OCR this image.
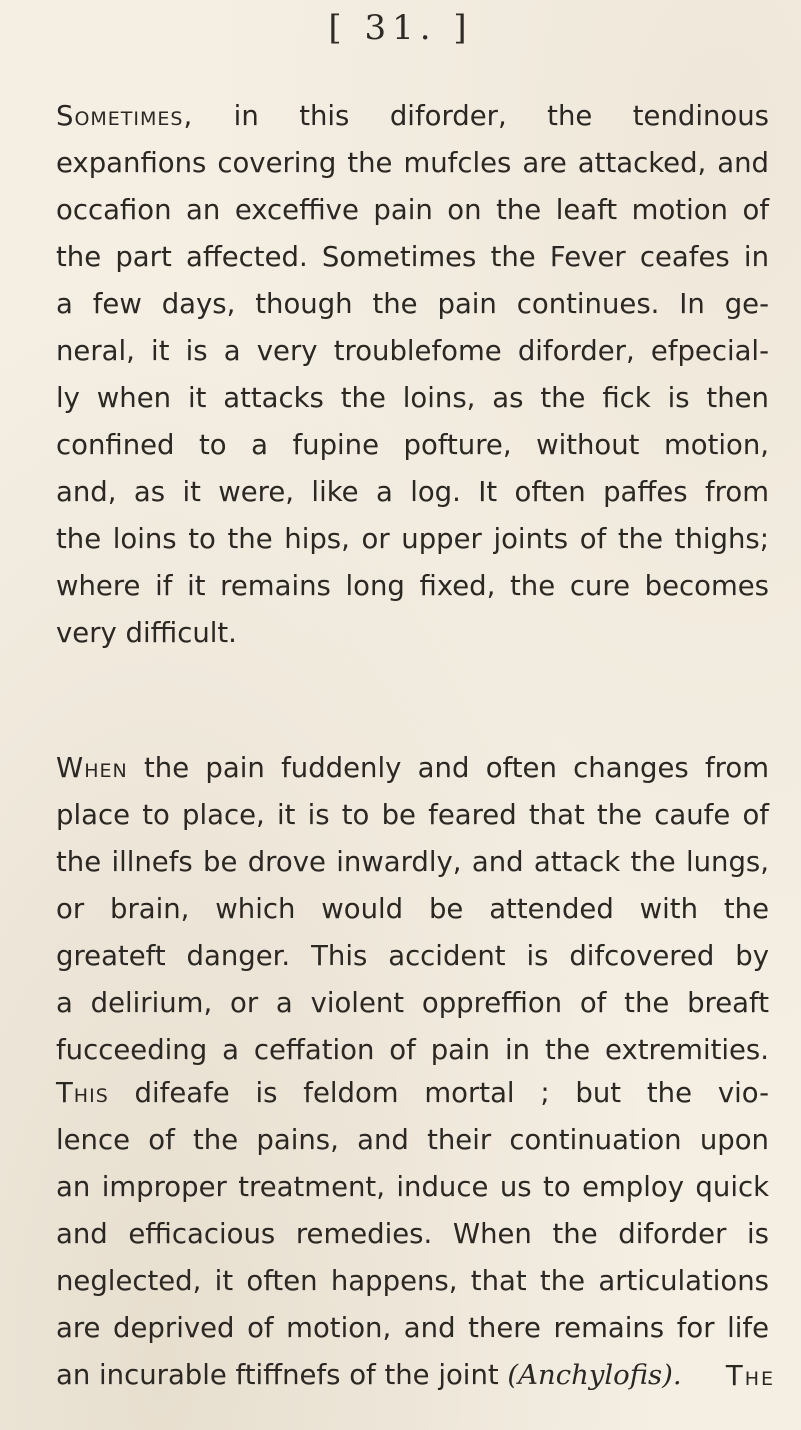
[ 31. ]
Sometimes, in this diforder, the tendinous
expanfions covering the mufcles are attacked, and
occafion an exceffive pain on the leaft motion of
the part affected. Sometimes the Fever ceafes in
a few days, though the pain continues. In ge-
neral, it is a very troublefome diforder, efpecial-
ly when it attacks the loins, as the fick is then
confined to a fupine pofture, without motion,
and, as it were, like a log. It often paffes from
the loins to the hips, or upper joints of the thighs;
where if it remains long fixed, the cure becomes
very difficult.
When the pain fuddenly and often changes from
place to place, it is to be feared that the caufe of
the illnefs be drove inwardly, and attack the lungs,
or brain, which would be attended with the
greateft danger. This accident is difcovered by
a delirium, or a violent oppreffion of the breaft
fucceeding a ceffation of pain in the extremities.
This difeafe is feldom mortal ; but the vio-
lence of the pains, and their continuation upon
an improper treatment, induce us to employ quick
and efficacious remedies. When the diforder is
neglected, it often happens, that the articulations
are deprived of motion, and there remains for life
an incurable ftiffnefs of the joint (Anchylofis).	The
